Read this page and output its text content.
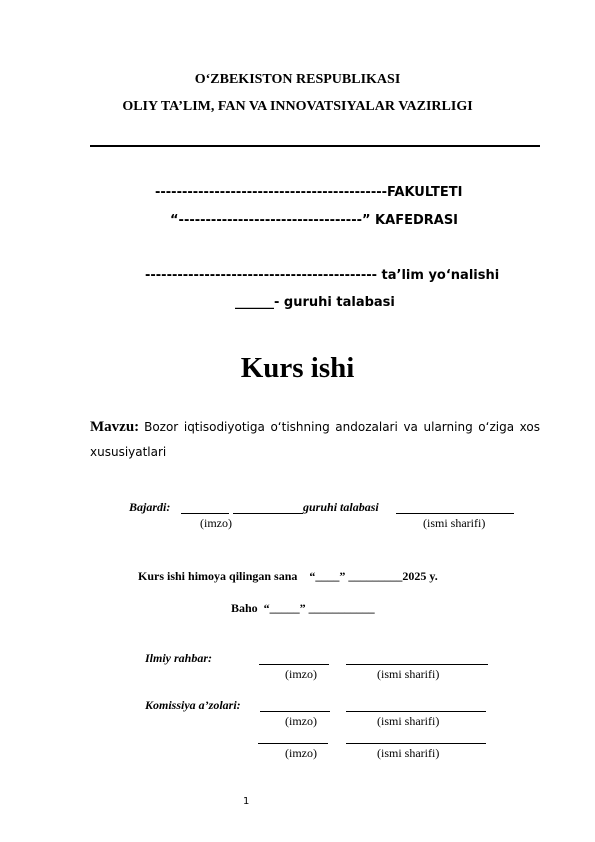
O‘ZBEKISTON RESPUBLIKASI
OLIY TA’LIM, FAN VA INNOVATSIYALAR VAZIRLIGI
-------------------------------------------FAKULTETI
“----------------------------------” KAFEDRASI
------------------------------------------- ta’lim yo‘nalishi
______- guruhi talabasi
Kurs ishi
Mavzu: Bozor iqtisodiyotiga o‘tishning andozalari va ularning o‘ziga xos xususiyatlari
Bajardi:	guruhi talabasi
(imzo)	(ismi sharifi)
Kurs ishi himoya qilingan sana    “____” _________2025 y.
Baho  “_____” ___________
Ilmiy rahbar:
(imzo)	(ismi sharifi)
Komissiya a’zolari:
(imzo)	(ismi sharifi)
(imzo)	(ismi sharifi)
1
